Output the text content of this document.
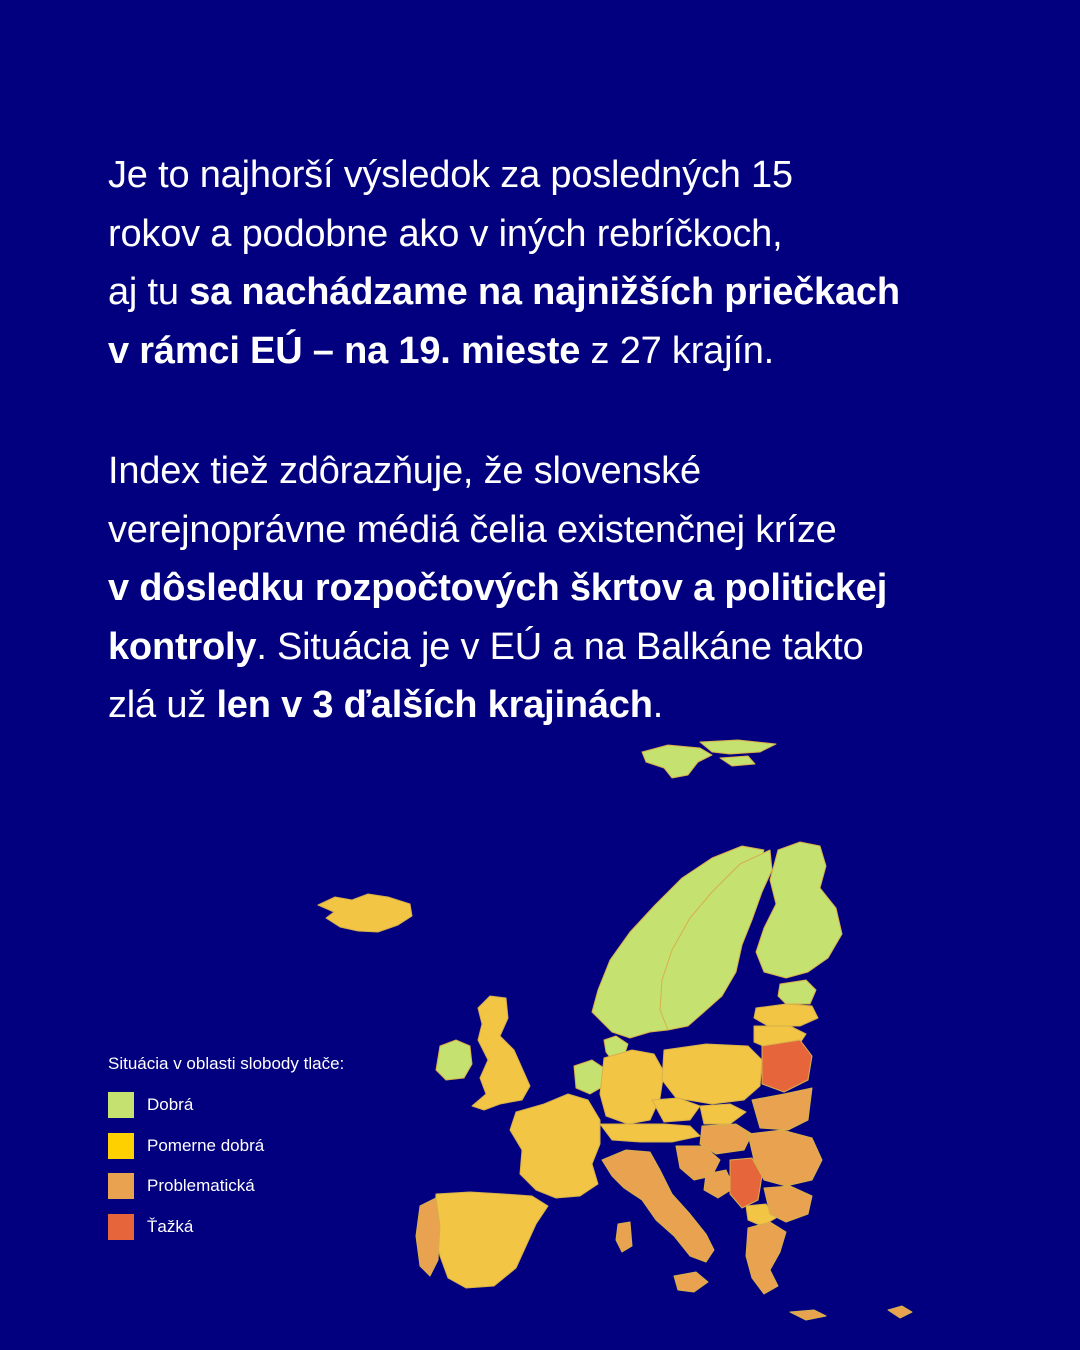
Je to najhorší výsledok za posledných 15
rokov a podobne ako v iných rebríčkoch,
aj tu sa nachádzame na najnižších priečkach
v rámci EÚ – na 19. mieste z 27 krajín.

Index tiež zdôrazňuje, že slovenské
verejnoprávne médiá čelia existenčnej kríze
v dôsledku rozpočtových škrtov a politickej
kontroly. Situácia je v EÚ a na Balkáne takto
zlá už len v 3 ďalších krajinách.

Situácia v oblasti slobody tlače:
Dobrá
Pomerne dobrá
Problematická
Ťažká
